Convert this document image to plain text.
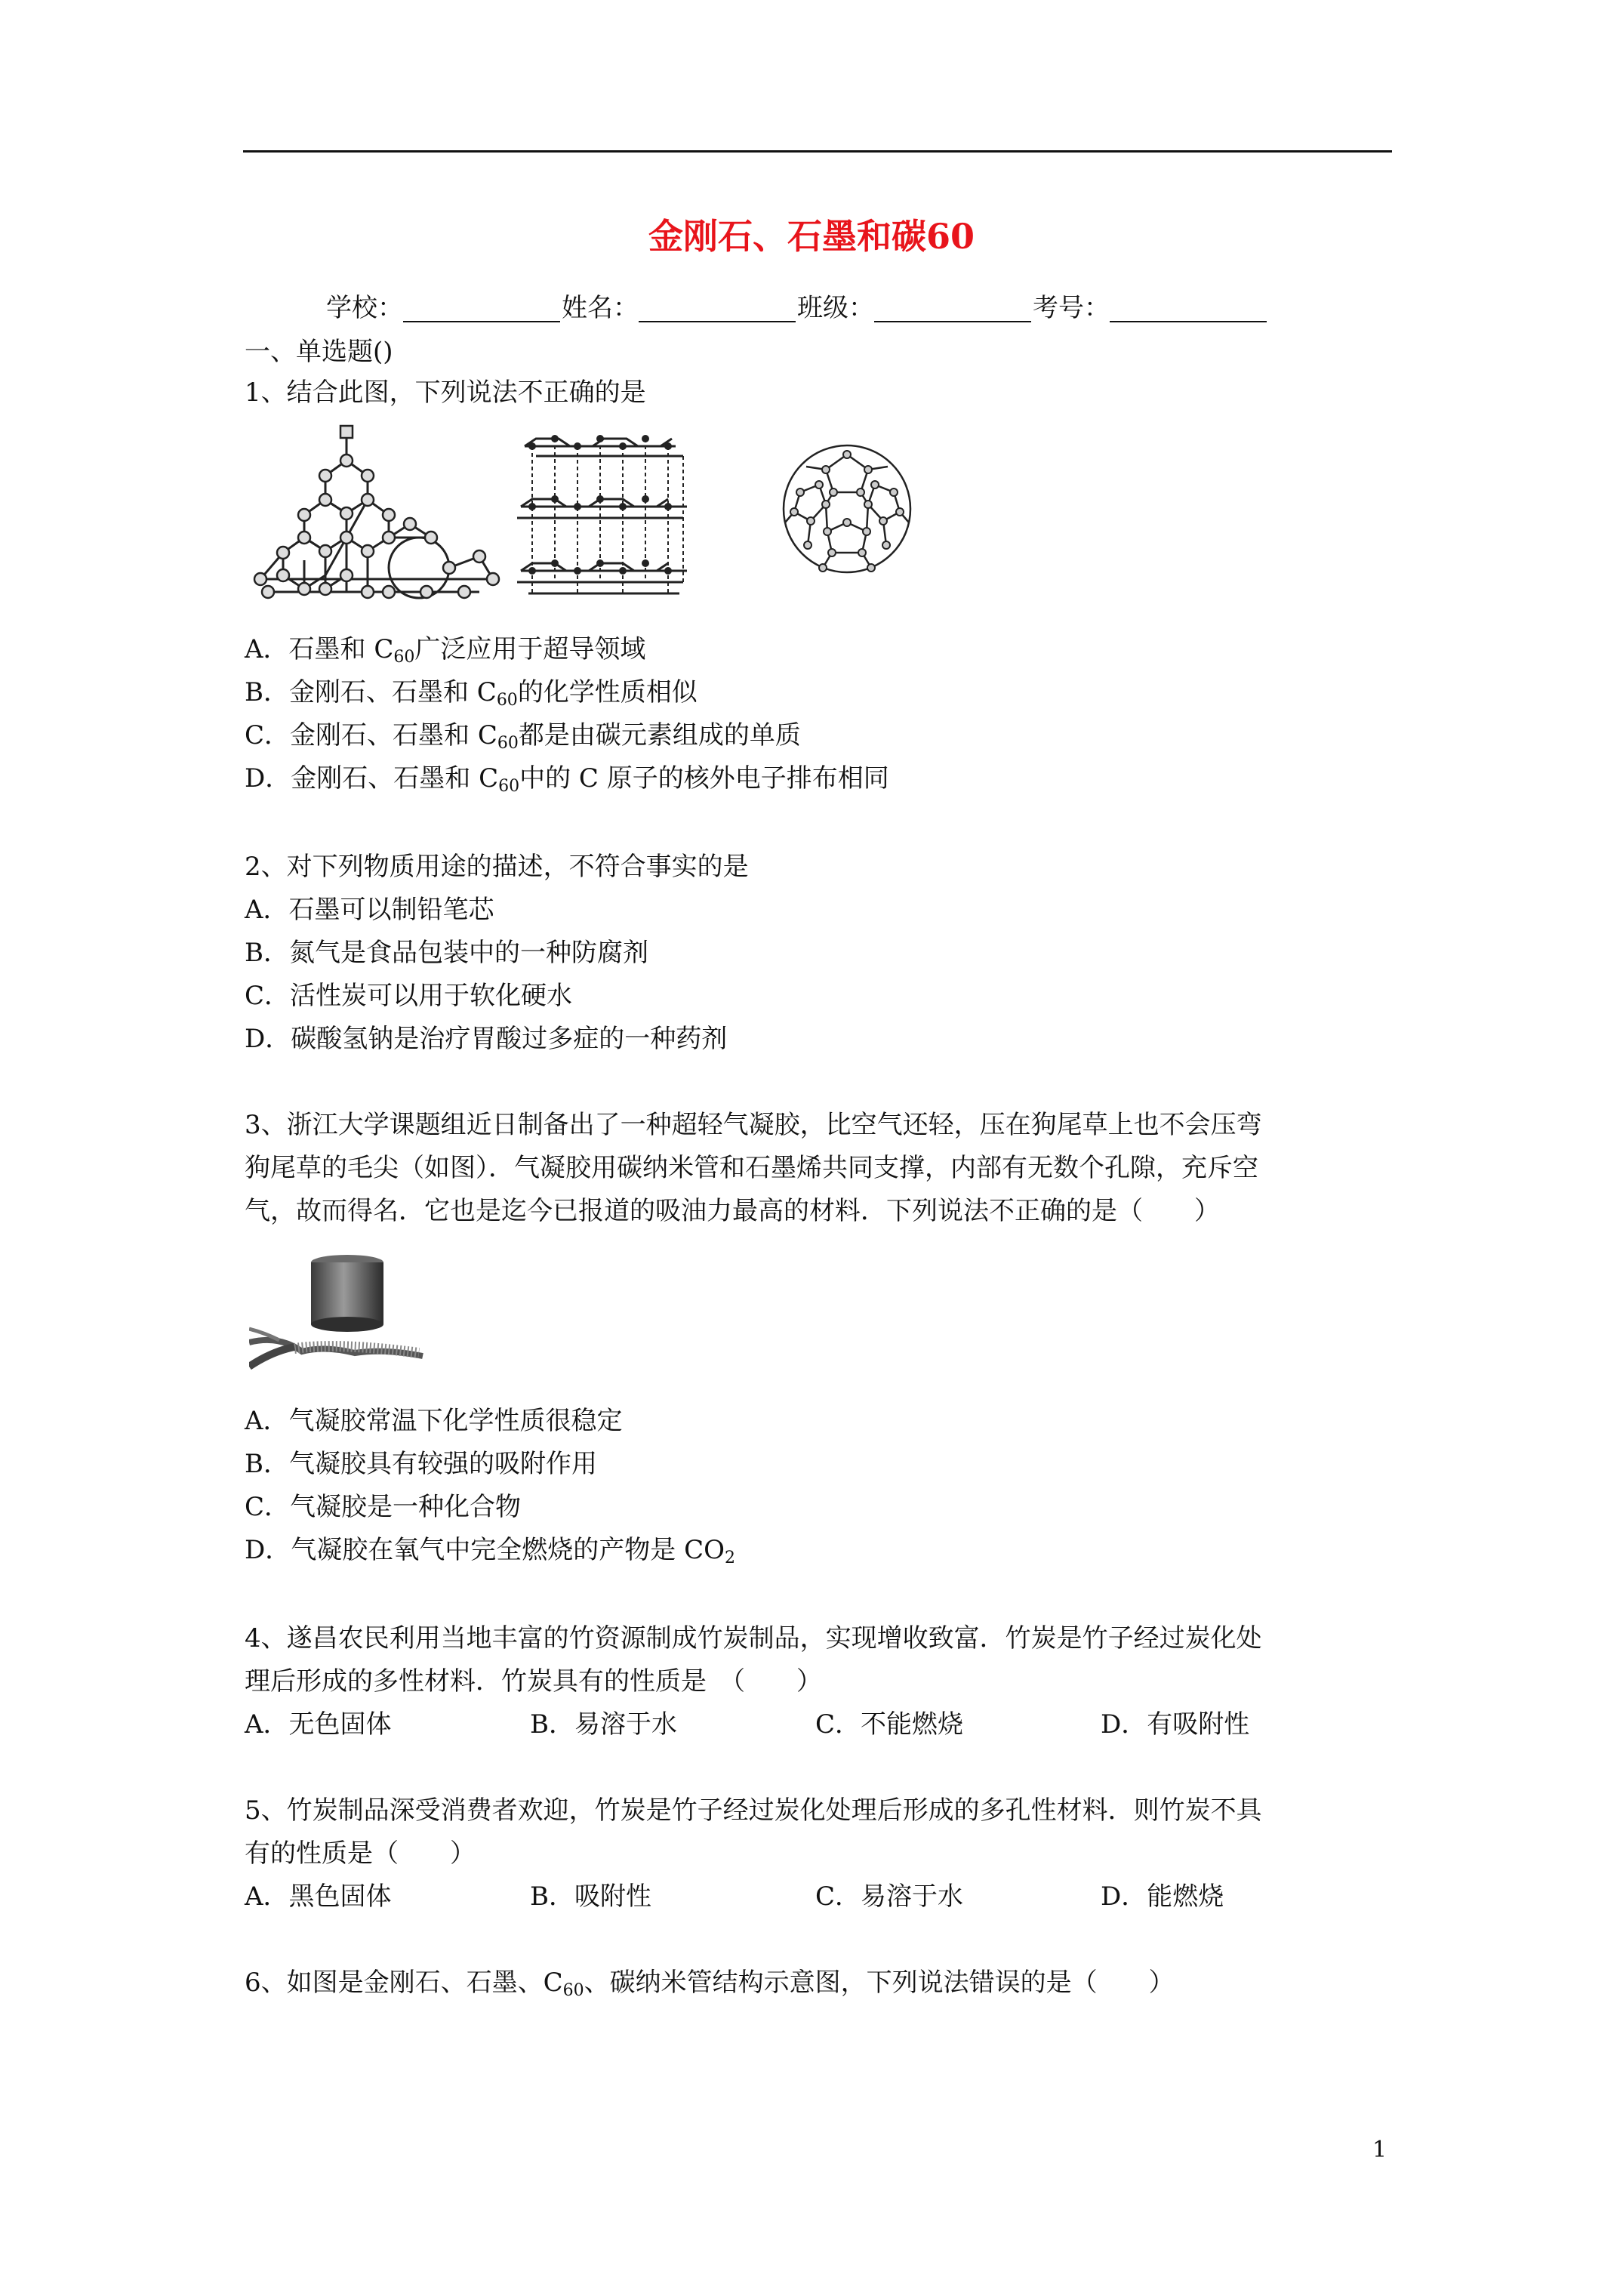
金刚石、石墨和碳60
学校：	姓名：	班级：	考号：
一、单选题()
1、结合此图，下列说法不正确的是
A．石墨和 $C_{60}$广泛应用于超导领域
B．金刚石、石墨和 $C_{60}$的化学性质相似
C．金刚石、石墨和 $C_{60}$都是由碳元素组成的单质
D．金刚石、石墨和 $C_{60}$中的 C 原子的核外电子排布相同
2、对下列物质用途的描述，不符合事实的是
A．石墨可以制铅笔芯
B．氮气是食品包装中的一种防腐剂
C．活性炭可以用于软化硬水
D．碳酸氢钠是治疗胃酸过多症的一种药剂
3、浙江大学课题组近日制备出了一种超轻气凝胶，比空气还轻，压在狗尾草上也不会压弯
狗尾草的毛尖（如图）．气凝胶用碳纳米管和石墨烯共同支撑，内部有无数个孔隙，充斥空
气，故而得名．它也是迄今已报道的吸油力最高的材料．下列说法不正确的是（　　）
A．气凝胶常温下化学性质很稳定
B．气凝胶具有较强的吸附作用
C．气凝胶是一种化合物
D．气凝胶在氧气中完全燃烧的产物是 $CO_2$
4、遂昌农民利用当地丰富的竹资源制成竹炭制品，实现增收致富．竹炭是竹子经过炭化处
理后形成的多性材料．竹炭具有的性质是　（　　）
A．无色固体	B．易溶于水	C．不能燃烧	D．有吸附性
5、竹炭制品深受消费者欢迎，竹炭是竹子经过炭化处理后形成的多孔性材料．则竹炭不具
有的性质是（　　）
A．黑色固体	B．吸附性	C．易溶于水	D．能燃烧
6、如图是金刚石、石墨、$C_{60}$、碳纳米管结构示意图，下列说法错误的是（　　）
1
